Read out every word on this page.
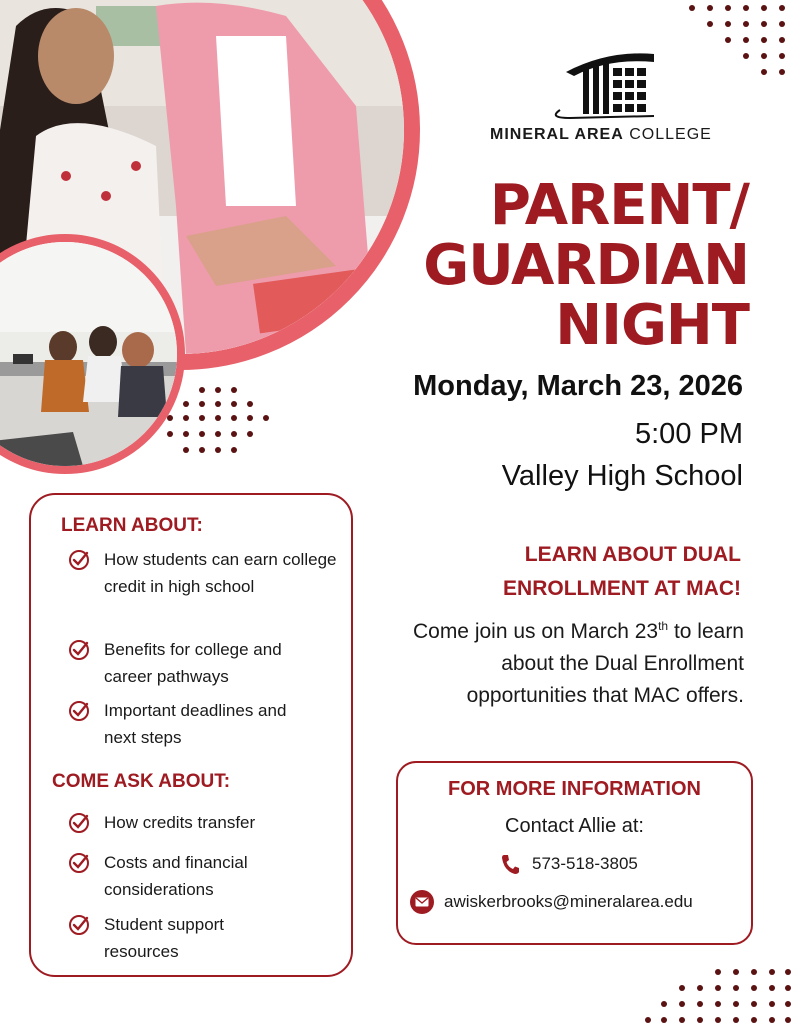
MINERAL AREA COLLEGE
PARENT/
GUARDIAN
NIGHT
Monday, March 23, 2026
5:00 PM
Valley High School
LEARN ABOUT DUAL
ENROLLMENT AT MAC!
Come join us on March 23th to learn about the Dual Enrollment opportunities that MAC offers.
LEARN ABOUT:
How students can earn college credit in high school
Benefits for college and career pathways
Important deadlines and next steps
COME ASK ABOUT:
How credits transfer
Costs and financial considerations
Student support resources
FOR MORE INFORMATION
Contact Allie at:
573-518-3805
awiskerbrooks@mineralarea.edu
